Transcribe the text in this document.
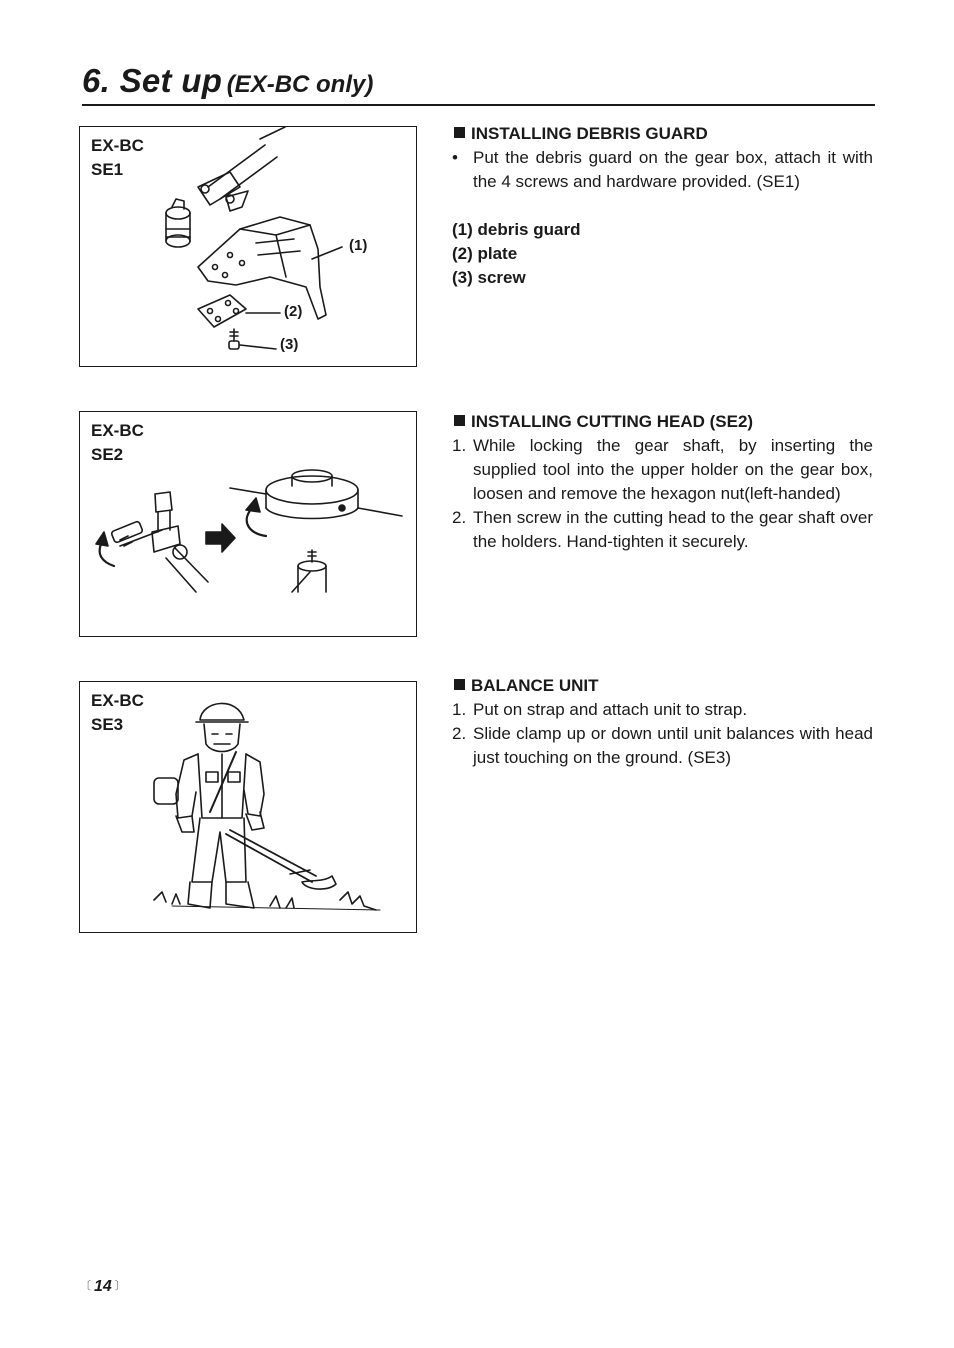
6. Set up (EX-BC only)
EX-BC
SE1
(1)
(2)
(3)
EX-BC
SE2
EX-BC
SE3
INSTALLING DEBRIS GUARD
• Put the debris guard on the gear box, attach it with the 4 screws and hardware provided. (SE1)
(1) debris guard
(2) plate
(3) screw
INSTALLING CUTTING HEAD (SE2)
1. While locking the gear shaft, by inserting the supplied tool into the upper holder on the gear box, loosen and remove the hexagon nut(left-handed)
2. Then screw in the cutting head to the gear shaft over the holders. Hand-tighten it securely.
BALANCE UNIT
1. Put on strap and attach unit to strap.
2. Slide clamp up or down until unit balances with head just touching on the ground. (SE3)
〔 14 〕
